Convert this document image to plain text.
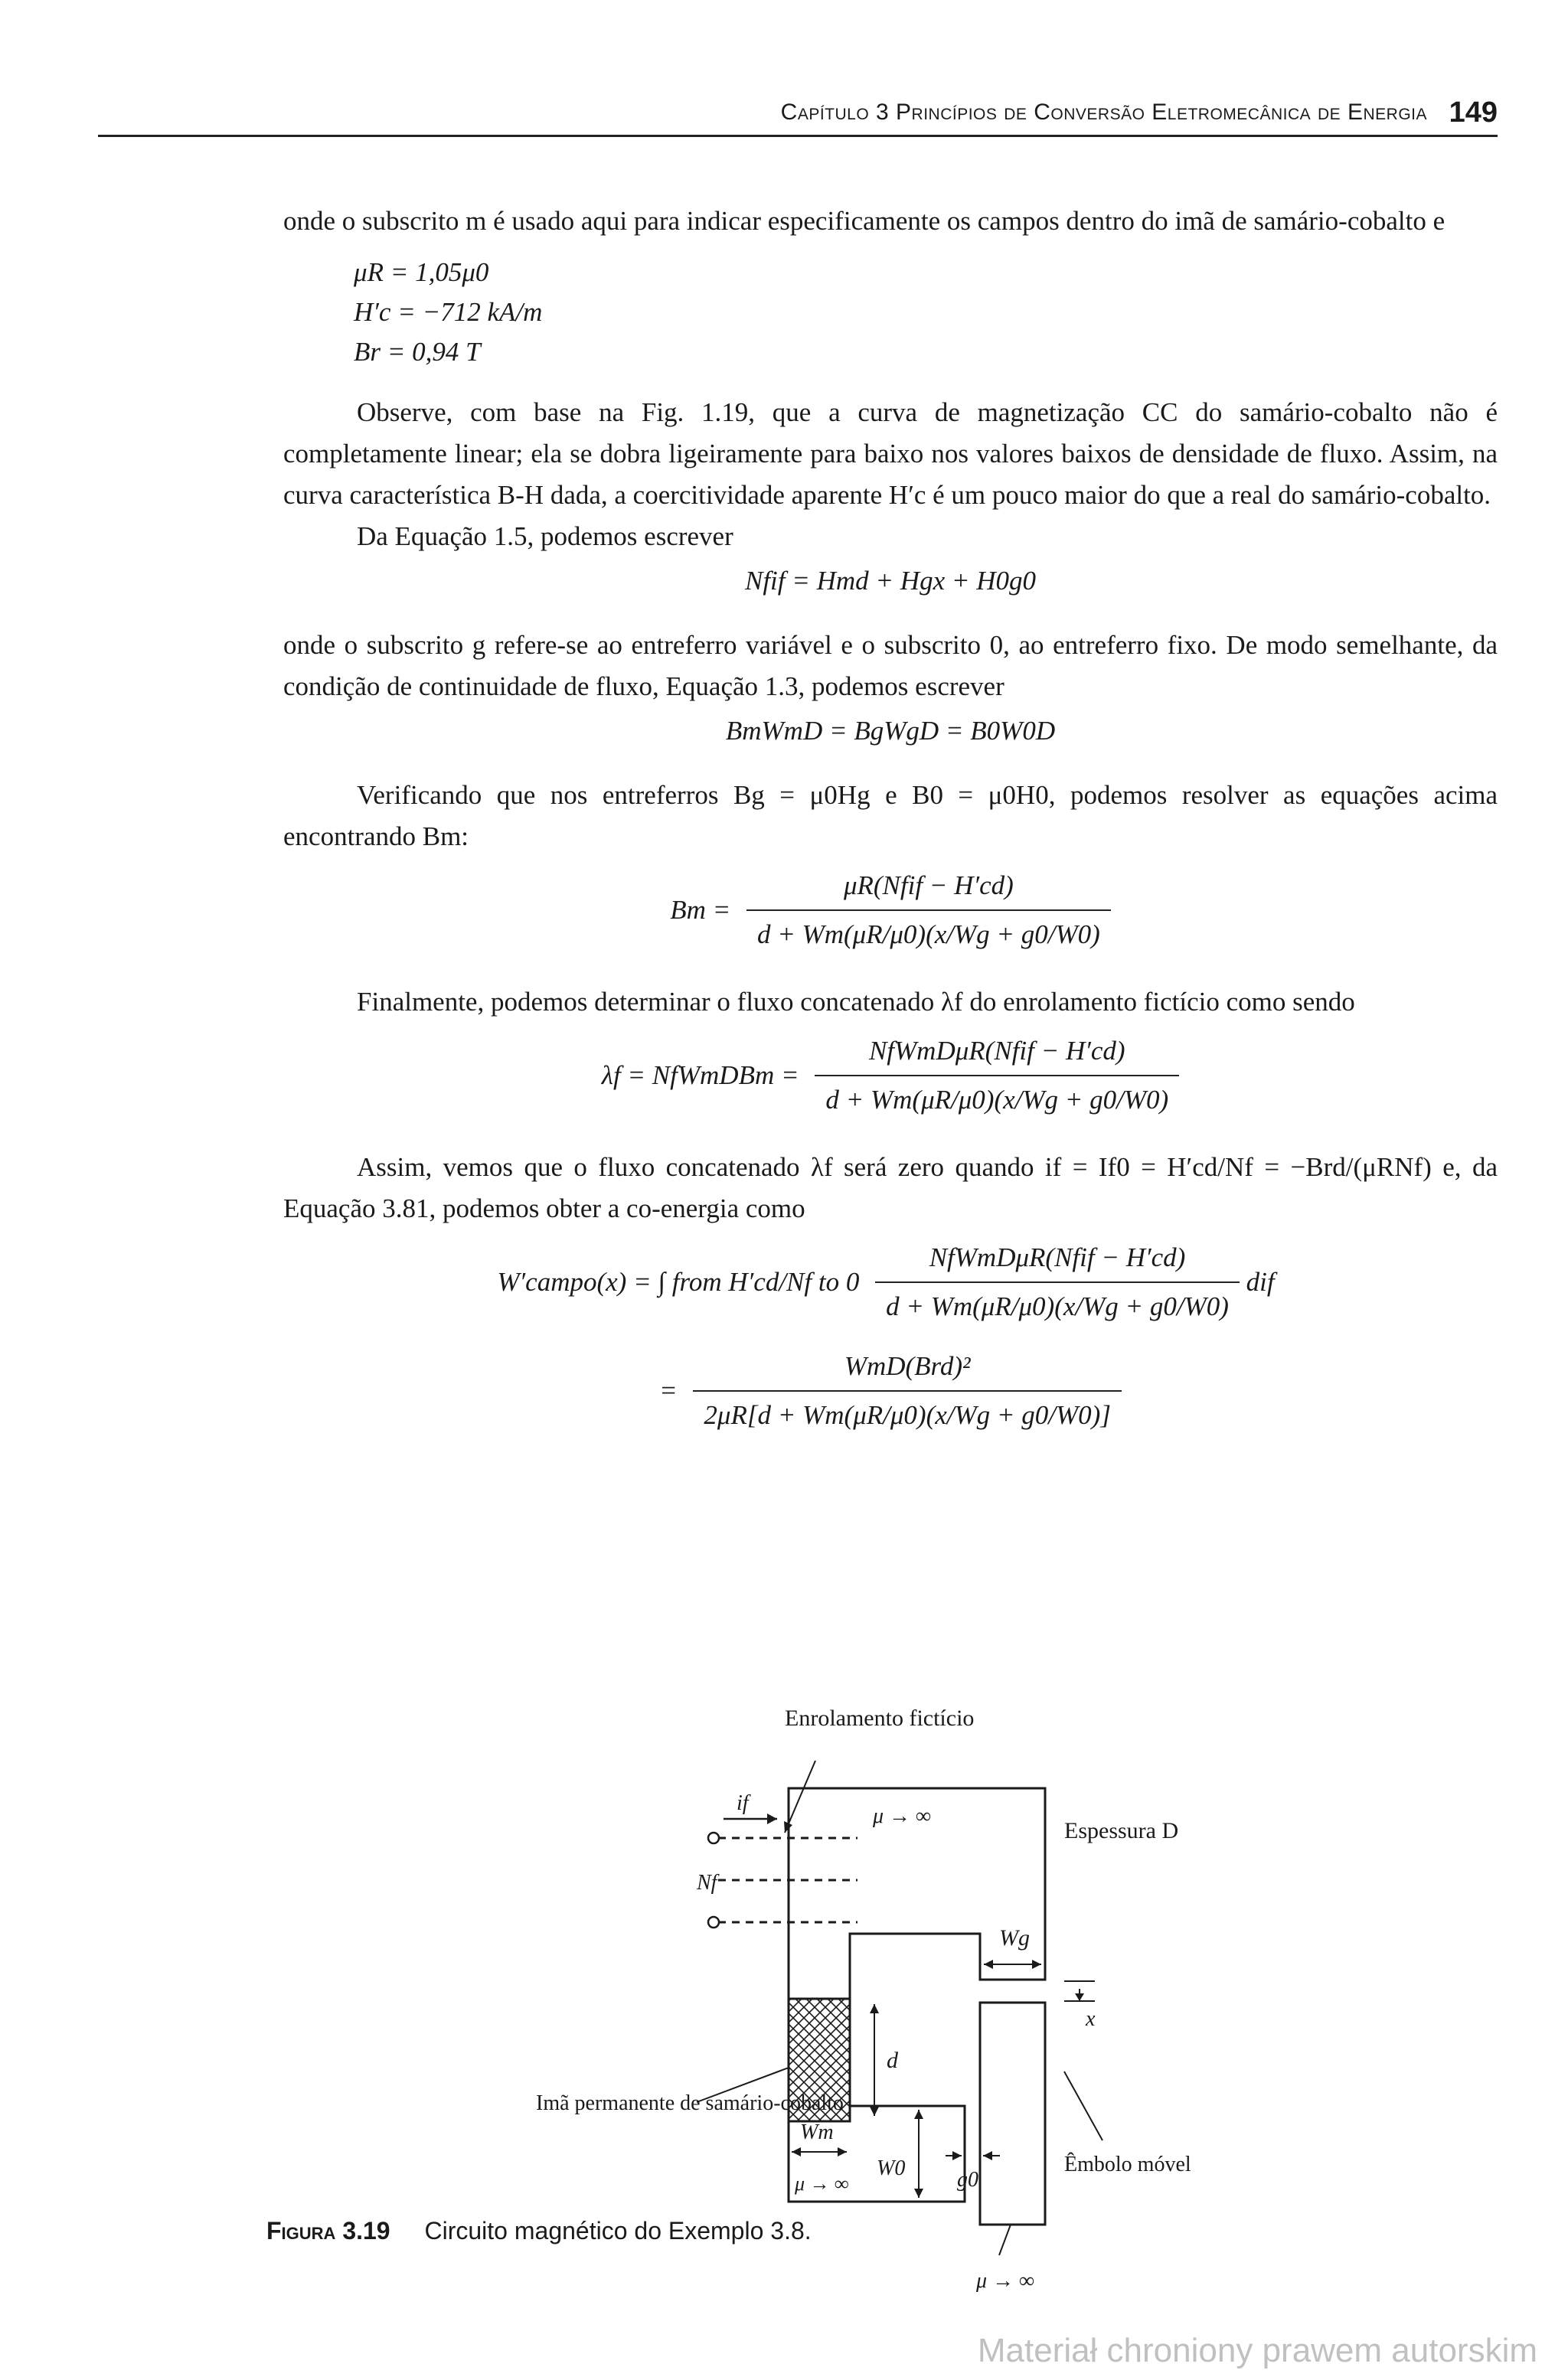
Capítulo 3 Princípios de Conversão Eletromecânica de Energia 149

onde o subscrito m é usado aqui para indicar especificamente os campos dentro do imã de samário-cobalto e

μR = 1,05μ0
H′c = −712 kA/m
Br = 0,94 T

Observe, com base na Fig. 1.19, que a curva de magnetização CC do samário-cobalto não é completamente linear; ela se dobra ligeiramente para baixo nos valores baixos de densidade de fluxo. Assim, na curva característica B-H dada, a coercitividade aparente H′c é um pouco maior do que a real do samário-cobalto.

Da Equação 1.5, podemos escrever

Nfif = Hmd + Hgx + H0g0

onde o subscrito g refere-se ao entreferro variável e o subscrito 0, ao entreferro fixo. De modo semelhante, da condição de continuidade de fluxo, Equação 1.3, podemos escrever

BmWmD = BgWgD = B0W0D

Verificando que nos entreferros Bg = μ0Hg e B0 = μ0H0, podemos resolver as equações acima encontrando Bm:

$Bm = \frac{\text{μR(Nfif − H′cd)}}{d + Wm(\mu R/\mu 0)(x/Wg + g0/W0)}$

Finalmente, podemos determinar o fluxo concatenado λf do enrolamento fictício como sendo

λf = NfWmDBm = $\frac{\text{NfWmDμR(Nfif − H′cd)}}{d + Wm(\mu R/\mu 0)(x/Wg + g0/W0)}$

Assim, vemos que o fluxo concatenado λf será zero quando if = If0 = H′cd/Nf = −Brd/(μRNf) e, da Equação 3.81, podemos obter a co-energia como

W′campo(x) = ∫ from H′cd/Nf to $0 \frac{\text{NfWmDμR(Nfif − H′cd)}}{d + Wm(\mu R/\mu 0)(x/Wg + g0/W0)}$ dif
= $\frac{\text{WmD(Brd)²}}{2\mu R[d + Wm(\mu R/\mu 0)(x/Wg + g0/W0)]}$
Enrolamento fictício
if
Nf
μ → ∞
Espessura D
Wg
x
d
Imã permanente de samário-cobalto
Wm
W0
μ → ∞	g0
Êmbolo móvel
μ → ∞
Figura 3.19 Circuito magnético do Exemplo 3.8.
Materiał chroniony prawem autorskim
